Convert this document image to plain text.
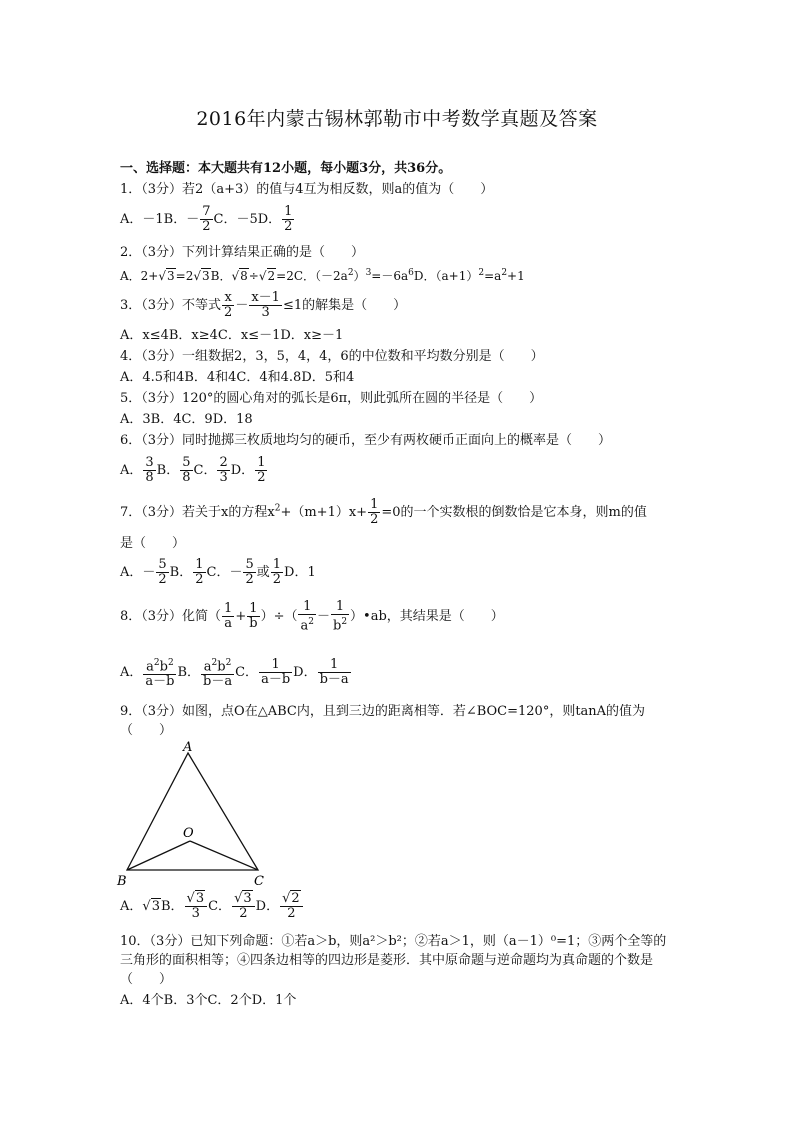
2016年内蒙古锡林郭勒市中考数学真题及答案
一、选择题：本大题共有12小题，每小题3分，共36分。
1．（3分）若2（a+3）的值与4互为相反数，则a的值为（　　）
A．－1B．－ $\frac{7}{2}$ C．－5D． $\frac{1}{2}$
2．（3分）下列计算结果正确的是（　　）
A．2+√3=2√3B．√8÷√2=2C．$(-2a^2)^3=-6a^6D$．$(a+1)^2=a^2+1$
3．（3分）不等式 $\frac{x}{2} - \frac{x-1}{3} \le 1$的解集是（　　）
A．x≤4B．x≥4C．x≤－1D．x≥－1
4．（3分）一组数据2，3，5，4，4，6的中位数和平均数分别是（　　）
A．4.5和4B．4和4C．4和4.8D．5和4
5．（3分）120°的圆心角对的弧长是6π，则此弧所在圆的半径是（　　）
A．3B．4C．9D．18
6．（3分）同时抛掷三枚质地均匀的硬币，至少有两枚硬币正面向上的概率是（　　）
A． $\frac{3}{8}$ B． $\frac{5}{8}$ C． $\frac{2}{3}$ D． $\frac{1}{2}$
7．（3分）若关于x的方程$x^2+(m+1)x+ \frac{1}{2} =0$的一个实数根的倒数恰是它本身，则m的值
是（　　）
A．－ $\frac{5}{2}$ B． $\frac{1}{2}$ C．－ $\frac{5}{2}$ 或 $\frac{1}{2}$ D．1
8．（3分）化简（ $\frac{1}{a} + \frac{1}{b}$ ）÷（ $\frac{1}{a^2} - \frac{1}{b^2}$ ）•ab，其结果是（　　）
A． $\frac{a^2b^2}{a-b}$ B． $\frac{a^2b^2}{b-a}$ C． $\frac{1}{a-b}$ D． $\frac{1}{b-a}$
9．（3分）如图，点O在△ABC内，且到三边的距离相等．若∠BOC=120°，则tanA的值为（　　）
A
O
B	C
A．√3B． $\frac{√3}{3}$ C． $\frac{√3}{2}$ D． $\frac{√2}{2}$
10．（3分）已知下列命题：①若a＞b，则a²＞b²；②若a＞1，则（a－1）⁰=1；③两个全等的三角形的面积相等；④四条边相等的四边形是菱形．其中原命题与逆命题均为真命题的个数是（　　）
A．4个B．3个C．2个D．1个
